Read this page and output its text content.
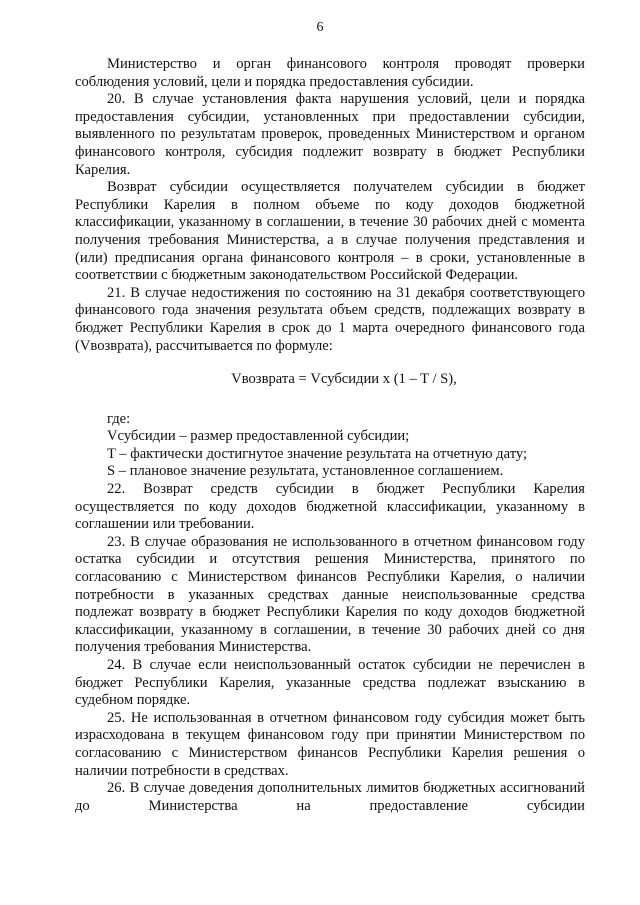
6

Министерство и орган финансового контроля проводят проверки соблюдения условий, цели и порядка предоставления субсидии.

20. В случае установления факта нарушения условий, цели и порядка предоставления субсидии, установленных при предоставлении субсидии, выявленного по результатам проверок, проведенных Министерством и органом финансового контроля, субсидия подлежит возврату в бюджет Республики Карелия.

Возврат субсидии осуществляется получателем субсидии в бюджет Республики Карелия в полном объеме по коду доходов бюджетной классификации, указанному в соглашении, в течение 30 рабочих дней с момента получения требования Министерства, а в случае получения представления и (или) предписания органа финансового контроля – в сроки, установленные в соответствии с бюджетным законодательством Российской Федерации.

21. В случае недостижения по состоянию на 31 декабря соответствующего финансового года значения результата объем средств, подлежащих возврату в бюджет Республики Карелия в срок до 1 марта очередного финансового года (Vвозврата), рассчитывается по формуле:

Vвозврата = Vсубсидии x (1 – T / S),

где:

Vсубсидии – размер предоставленной субсидии;

T – фактически достигнутое значение результата на отчетную дату;

S – плановое значение результата, установленное соглашением.

22. Возврат средств субсидии в бюджет Республики Карелия осуществляется по коду доходов бюджетной классификации, указанному в соглашении или требовании.

23. В случае образования не использованного в отчетном финансовом году остатка субсидии и отсутствия решения Министерства, принятого по согласованию с Министерством финансов Республики Карелия, о наличии потребности в указанных средствах данные неиспользованные средства подлежат возврату в бюджет Республики Карелия по коду доходов бюджетной классификации, указанному в соглашении, в течение 30 рабочих дней со дня получения требования Министерства.

24. В случае если неиспользованный остаток субсидии не перечислен в бюджет Республики Карелия, указанные средства подлежат взысканию в судебном порядке.

25. Не использованная в отчетном финансовом году субсидия может быть израсходована в текущем финансовом году при принятии Министерством по согласованию с Министерством финансов Республики Карелия решения о наличии потребности в средствах.

26. В случае доведения дополнительных лимитов бюджетных ассигнований до Министерства на предоставление субсидии
